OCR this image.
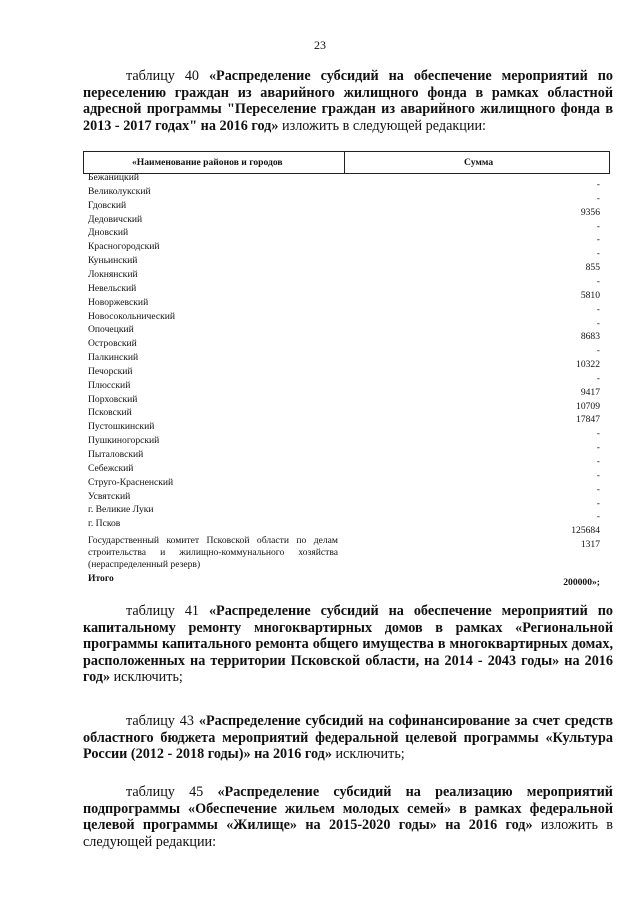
23
таблицу 40 «Распределение субсидий на обеспечение мероприятий по переселению граждан из аварийного жилищного фонда в рамках областной адресной программы "Переселение граждан из аварийного жилищного фонда в 2013 - 2017 годах" на 2016 год» изложить в следующей редакции:
«Наименование районов и городов	Сумма
Бежаницкий
-
Великолукский
-
Гдовский
9356
Дедовичский
-
Дновский
-
Красногородский
-
Куньинский
855
Локнянский
-
Невельский
5810
Новоржевский
-
Новосокольнический
-
Опочецкий
8683
Островский
-
Палкинский
10322
Печорский
-
Плюсский
9417
Порховский
10709
Псковский
17847
Пустошкинский
-
Пушкиногорский
-
Пыталовский
-
Себежский
-
Струго-Красненский
-
Усвятский
-
г. Великие Луки
-
г. Псков
125684
Государственный комитет Псковской области по делам строительства и жилищно-коммунального хозяйства (нераспределенный резерв)
1317
Итого	200000»;
таблицу 41 «Распределение субсидий на обеспечение мероприятий по капитальному ремонту многоквартирных домов в рамках «Региональной программы капитального ремонта общего имущества в многоквартирных домах, расположенных на территории Псковской области, на 2014 - 2043 годы» на 2016 год» исключить;
таблицу 43 «Распределение субсидий на софинансирование за счет средств областного бюджета мероприятий федеральной целевой программы «Культура России (2012 - 2018 годы)» на 2016 год» исключить;
таблицу 45 «Распределение субсидий на реализацию мероприятий подпрограммы «Обеспечение жильем молодых семей» в рамках федеральной целевой программы «Жилище» на 2015-2020 годы» на 2016 год» изложить в следующей редакции:
